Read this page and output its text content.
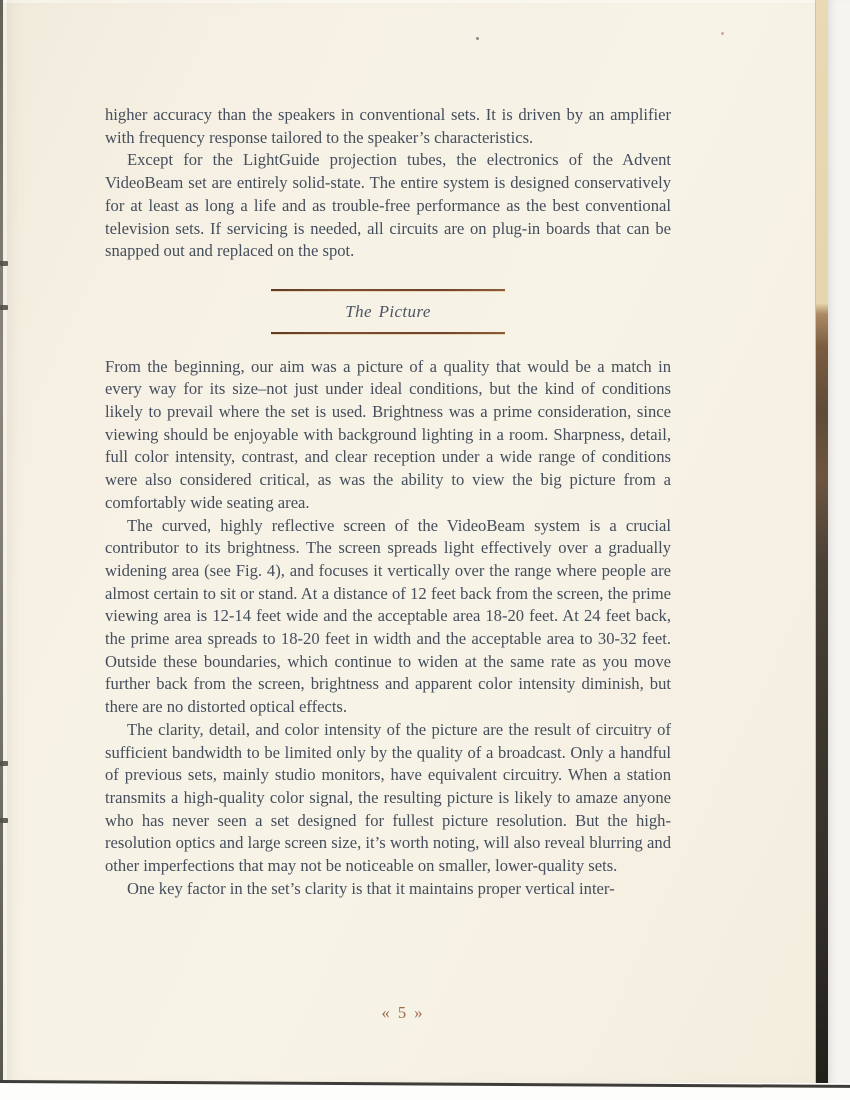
higher accuracy than the speakers in conventional sets. It is driven by an amplifier with frequency response tailored to the speaker’s characteristics.

Except for the LightGuide projection tubes, the electronics of the Advent VideoBeam set are entirely solid-state. The entire system is designed conservatively for at least as long a life and as trouble-free performance as the best conventional television sets. If servicing is needed, all circuits are on plug-in boards that can be snapped out and replaced on the spot.

The Picture

From the beginning, our aim was a picture of a quality that would be a match in every way for its size–not just under ideal conditions, but the kind of conditions likely to prevail where the set is used. Brightness was a prime consideration, since viewing should be enjoyable with background lighting in a room. Sharpness, detail, full color intensity, contrast, and clear reception under a wide range of conditions were also considered critical, as was the ability to view the big picture from a comfortably wide seating area.

The curved, highly reflective screen of the VideoBeam system is a crucial contributor to its brightness. The screen spreads light effectively over a gradually widening area (see Fig. 4), and focuses it vertically over the range where people are almost certain to sit or stand. At a distance of 12 feet back from the screen, the prime viewing area is 12-14 feet wide and the acceptable area 18-20 feet. At 24 feet back, the prime area spreads to 18-20 feet in width and the acceptable area to 30-32 feet. Outside these boundaries, which continue to widen at the same rate as you move further back from the screen, brightness and apparent color intensity diminish, but there are no distorted optical effects.

The clarity, detail, and color intensity of the picture are the result of circuitry of sufficient bandwidth to be limited only by the quality of a broadcast. Only a handful of previous sets, mainly studio monitors, have equivalent circuitry. When a station transmits a high-quality color signal, the resulting picture is likely to amaze anyone who has never seen a set designed for fullest picture resolution. But the high-resolution optics and large screen size, it’s worth noting, will also reveal blurring and other imperfections that may not be noticeable on smaller, lower-quality sets.

One key factor in the set’s clarity is that it maintains proper vertical inter-

« 5 »
